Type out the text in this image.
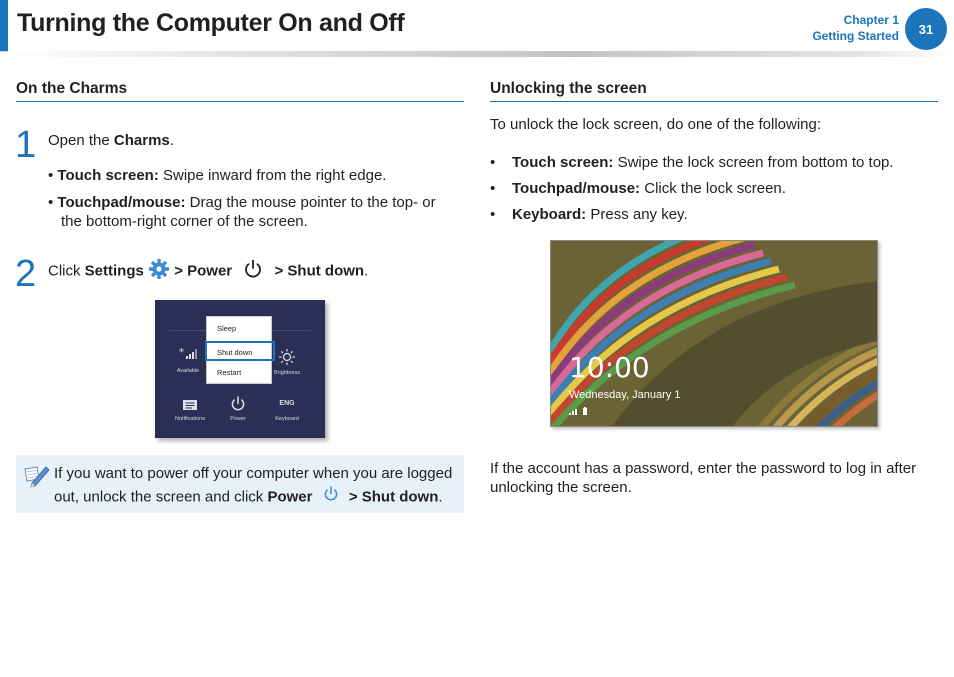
Turning the Computer On and Off	Chapter 1
Getting Started	31
On the Charms
1 Open the Charms.
• Touch screen: Swipe inward from the right edge.
• Touchpad/mouse: Drag the mouse pointer to the top- or
the bottom-right corner of the screen.
2 Click Settings > Power	> Shut down.
Sleep
Shut down
Restart
*
Available	Brightness
Notifications	Power
ENG
Keyboard
If you want to power off your computer when you are logged
out, unlock the screen and click Power > Shut down.
Unlocking the screen
To unlock the lock screen, do one of the following:
• Touch screen: Swipe the lock screen from bottom to top.
• Touchpad/mouse: Click the lock screen.
• Keyboard: Press any key.
10:00
Wednesday, January 1

If the account has a password, enter the password to log in after
unlocking the screen.
